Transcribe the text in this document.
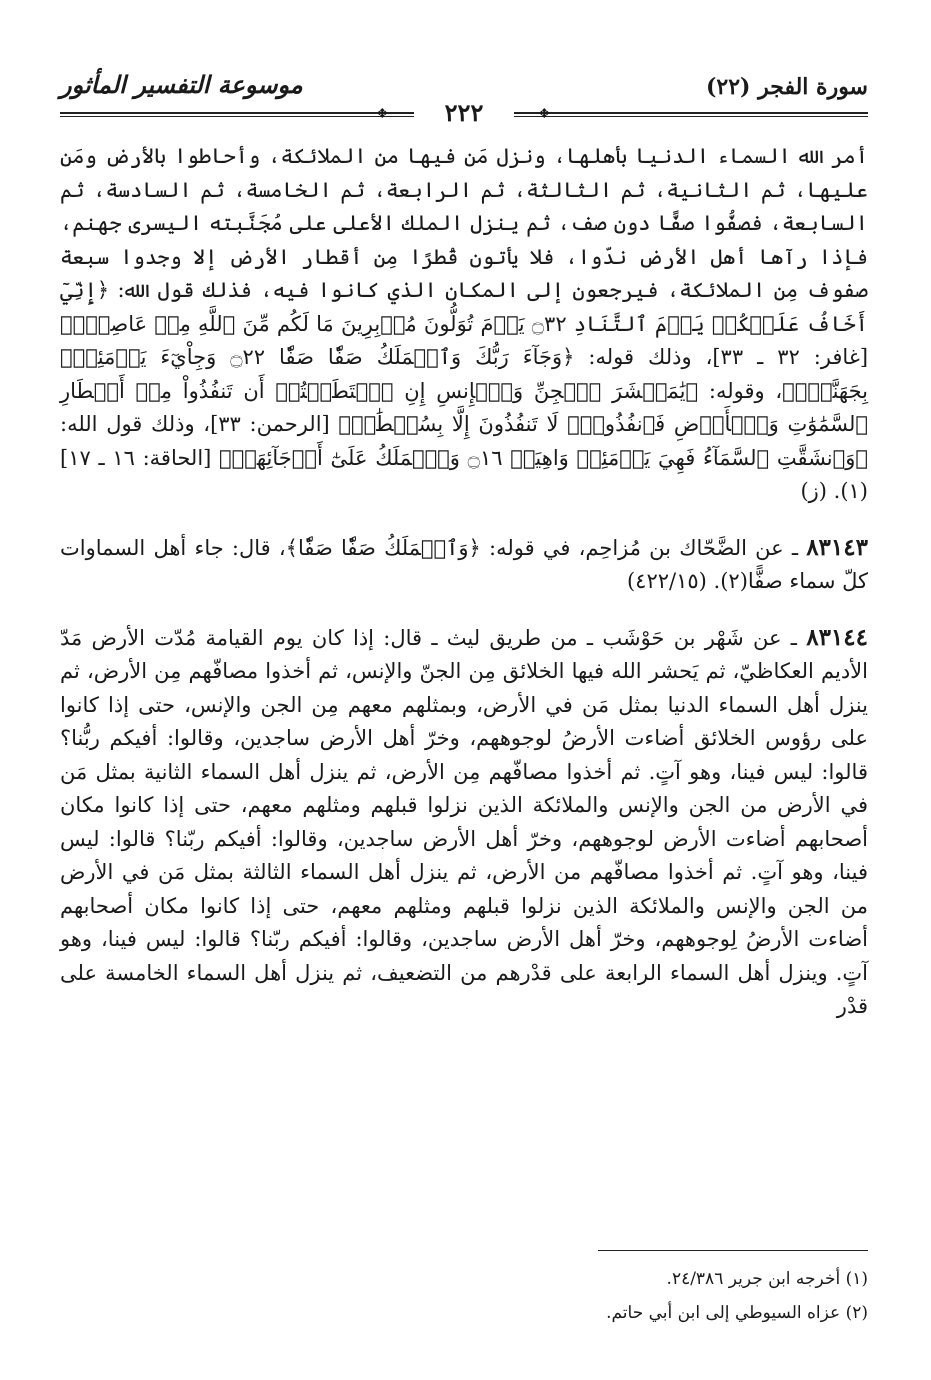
سورة الفجر (٢٢)
موسوعة التفسير المأثور
❖	٢٢٢	❖

أمر الله السماء الدنيا بأهلها، ونزل مَن فيها من الملائكة، وأحاطوا بالأرض ومَن عليها، ثم الثانية، ثم الثالثة، ثم الرابعة، ثم الخامسة، ثم السادسة، ثم السابعة، فصفُّوا صفًّا دون صف، ثم ينزل الملك الأعلى على مُجَنَّبته اليسرى جهنم، فإذا رآها أهل الأرض ندّوا، فلا يأتون قُطرًا مِن أقطار الأرض إلا وجدوا سبعة صفوف مِن الملائكة، فيرجعون إلى المكان الذي كانوا فيه، فذلك قول الله: ﴿إِنِّيٓ أَخَافُ عَلَيۡكُمۡ يَوۡمَ ٱلتَّنَادِ ۝٣٢ يَوۡمَ تُوَلُّونَ مُدۡبِرِينَ مَا لَكُم مِّنَ ٱللَّهِ مِنۡ عَاصِمٖۗ﴾ [غافر: ٣٢ ـ ٣٣]، وذلك قوله: ﴿وَجَآءَ رَبُّكَ وَٱلۡمَلَكُ صَفّٗا صَفّٗا ۝٢٢ وَجِاْيٓءَ يَوۡمَئِذِۭ بِجَهَنَّمَۚ﴾، وقوله: ﴿يَٰمَعۡشَرَ ٱلۡجِنِّ وَٱلۡإِنسِ إِنِ ٱسۡتَطَعۡتُمۡ أَن تَنفُذُواْ مِنۡ أَقۡطَارِ ٱلسَّمَٰوَٰتِ وَٱلۡأَرۡضِ فَٱنفُذُواْۚ لَا تَنفُذُونَ إِلَّا بِسُلۡطَٰنٖ﴾ [الرحمن: ٣٣]، وذلك قول الله: ﴿وَٱنشَقَّتِ ٱلسَّمَآءُ فَهِيَ يَوۡمَئِذٖ وَاهِيَةٞ ۝١٦ وَٱلۡمَلَكُ عَلَىٰٓ أَرۡجَآئِهَاۚ﴾ [الحاقة: ١٦ ـ ١٧](١). (ز)

٨٣١٤٣ ـ عن الضَّحّاك بن مُزاحِم، في قوله: ﴿وَٱلۡمَلَكُ صَفّٗا صَفّٗا﴾، قال: جاء أهل السماوات كلّ سماء صفًّا(٢). (٤٢٢/١٥)

٨٣١٤٤ ـ عن شَهْر بن حَوْشَب ـ من طريق ليث ـ قال: إذا كان يوم القيامة مُدّت الأرض مَدّ الأديم العكاظيّ، ثم يَحشر الله فيها الخلائق مِن الجنّ والإنس، ثم أخذوا مصافّهم مِن الأرض، ثم ينزل أهل السماء الدنيا بمثل مَن في الأرض، وبمثلهم معهم مِن الجن والإنس، حتى إذا كانوا على رؤوس الخلائق أضاءت الأرضُ لوجوههم، وخرّ أهل الأرض ساجدين، وقالوا: أفيكم ربُّنا؟ قالوا: ليس فينا، وهو آتٍ. ثم أخذوا مصافّهم مِن الأرض، ثم ينزل أهل السماء الثانية بمثل مَن في الأرض من الجن والإنس والملائكة الذين نزلوا قبلهم ومثلهم معهم، حتى إذا كانوا مكان أصحابهم أضاءت الأرض لوجوههم، وخرّ أهل الأرض ساجدين، وقالوا: أفيكم ربّنا؟ قالوا: ليس فينا، وهو آتٍ. ثم أخذوا مصافّهم من الأرض، ثم ينزل أهل السماء الثالثة بمثل مَن في الأرض من الجن والإنس والملائكة الذين نزلوا قبلهم ومثلهم معهم، حتى إذا كانوا مكان أصحابهم أضاءت الأرضُ لِوجوههم، وخرّ أهل الأرض ساجدين، وقالوا: أفيكم ربّنا؟ قالوا: ليس فينا، وهو آتٍ. وينزل أهل السماء الرابعة على قدْرهم من التضعيف، ثم ينزل أهل السماء الخامسة على قدْر

(١) أخرجه ابن جرير ٢٤/٣٨٦.
(٢) عزاه السيوطي إلى ابن أبي حاتم.
